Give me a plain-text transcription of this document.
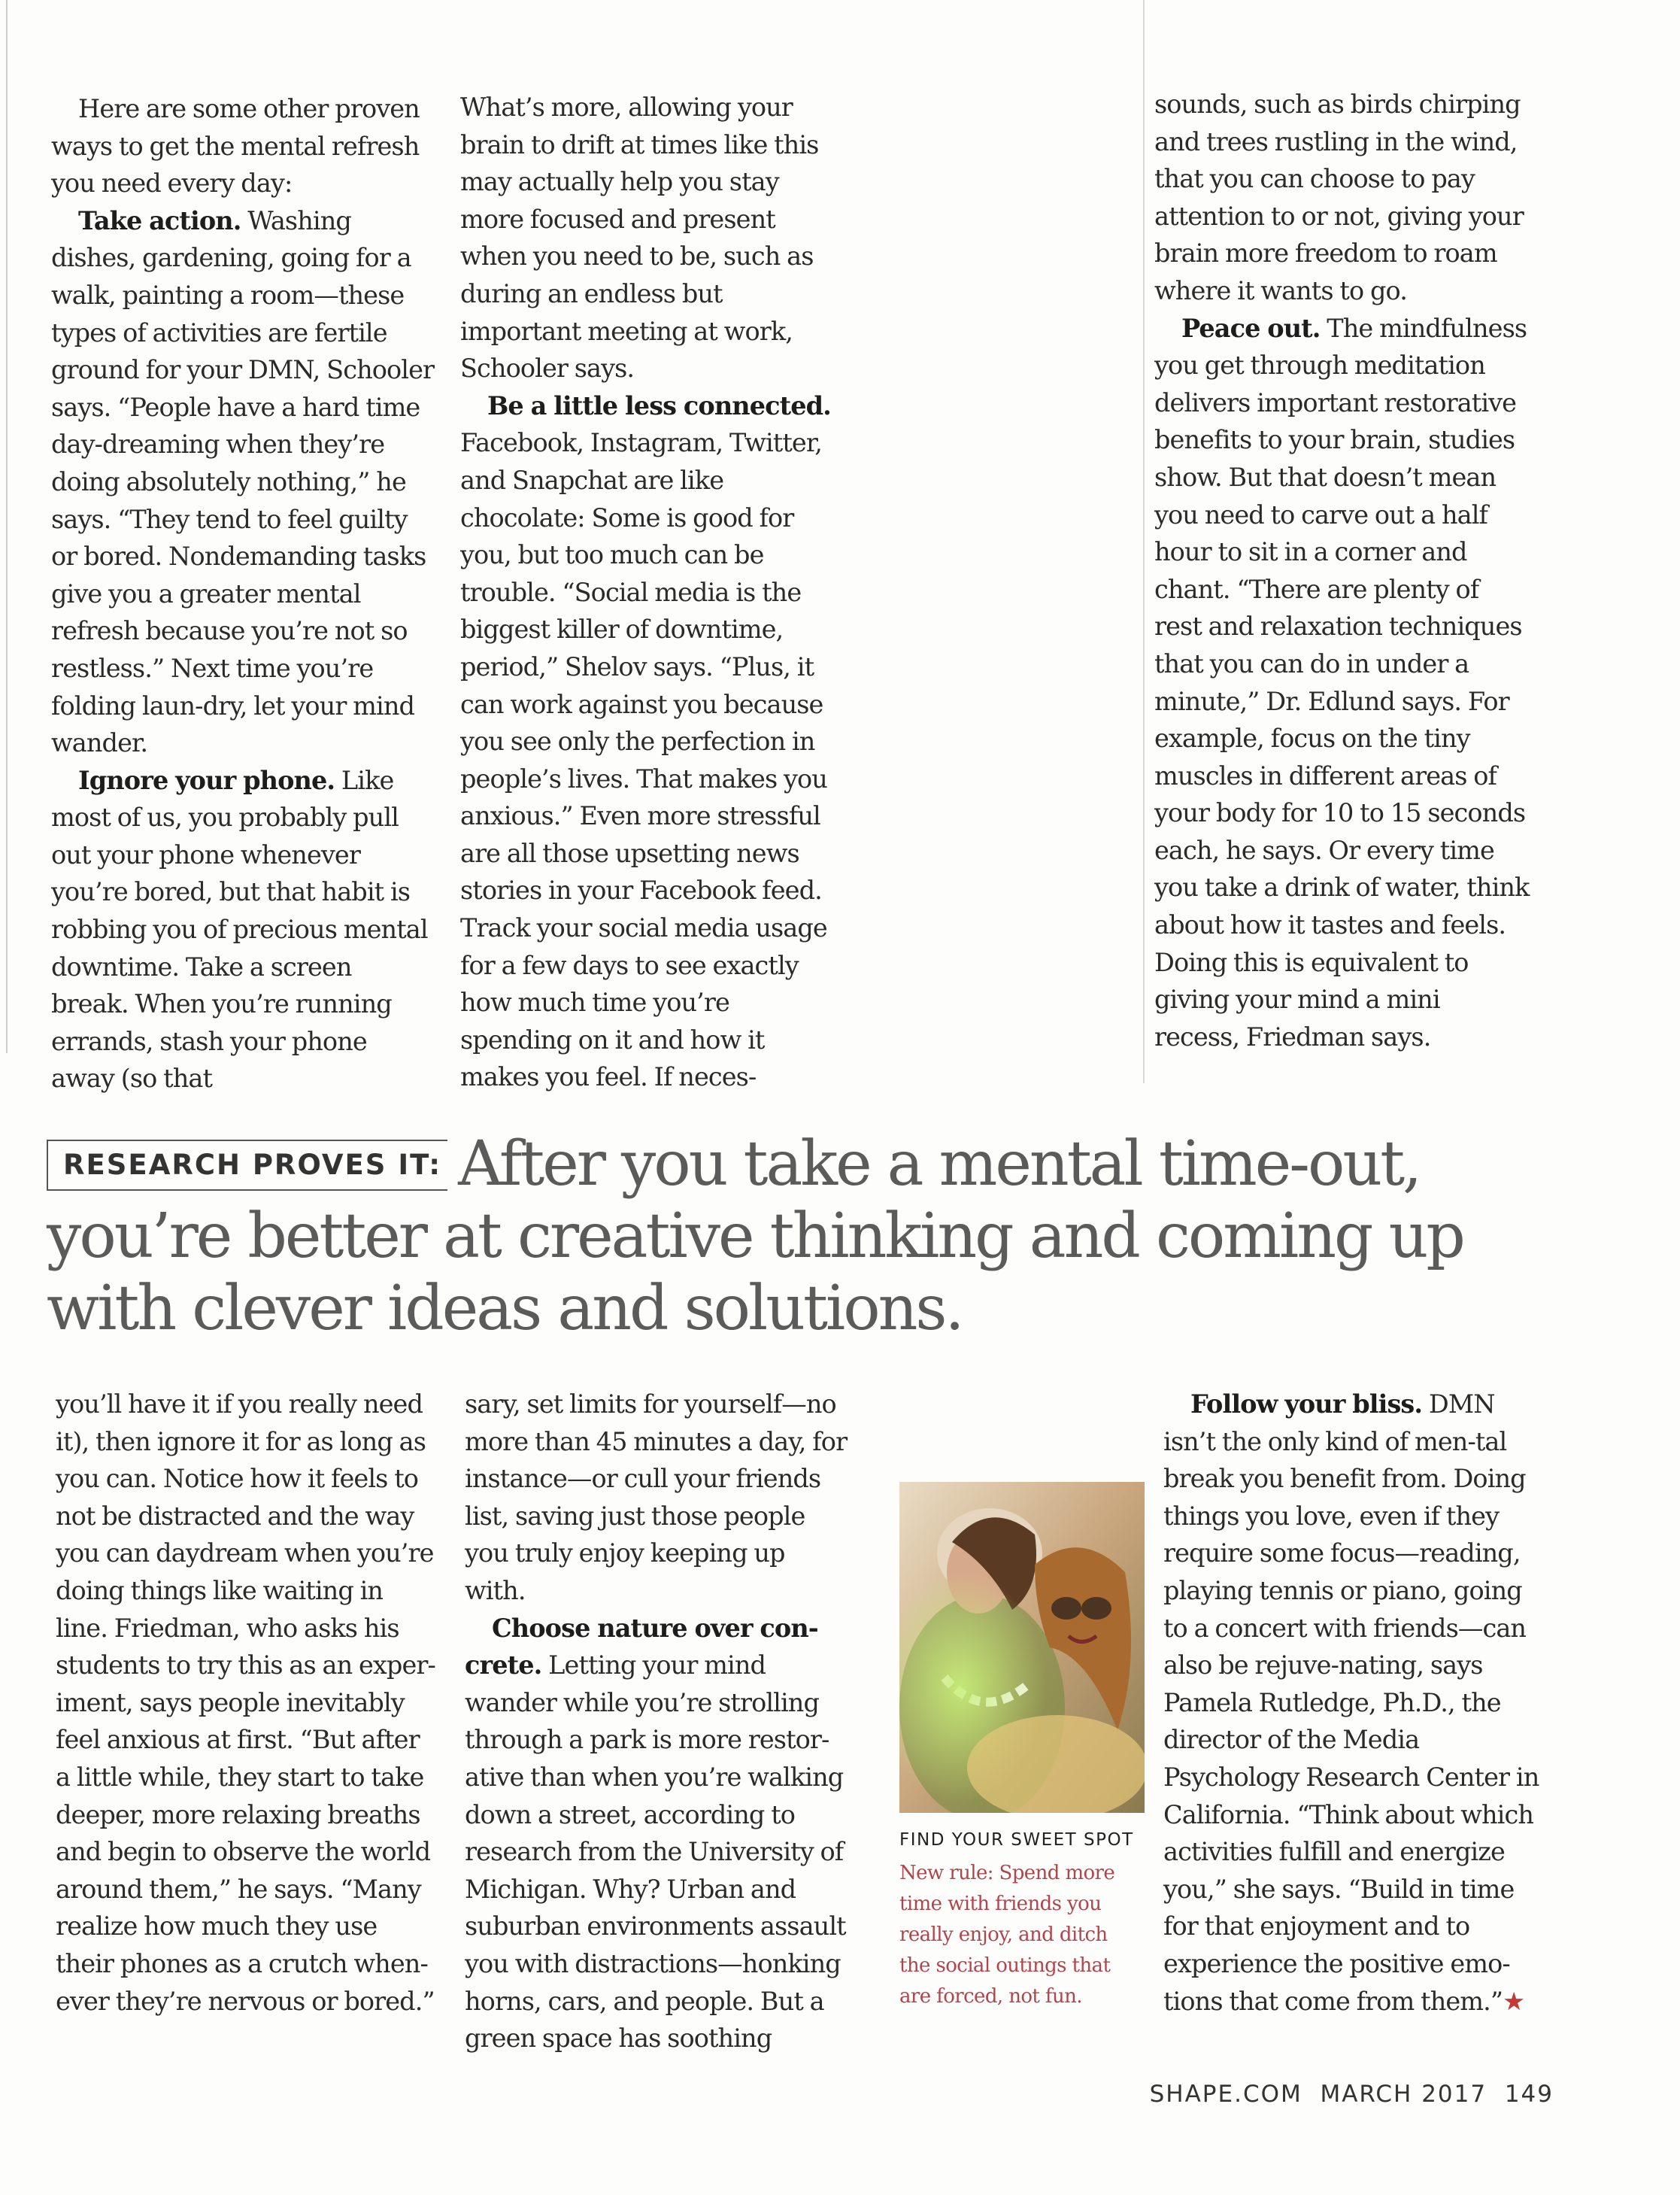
Here are some other proven ways to get the mental refresh you need every day:

Take action. Washing dishes, gardening, going for a walk, painting a room—these types of activities are fertile ground for your DMN, Schooler says. “People have a hard time day-dreaming when they’re doing absolutely nothing,” he says. “They tend to feel guilty or bored. Nondemanding tasks give you a greater mental refresh because you’re not so restless.” Next time you’re folding laun-dry, let your mind wander.

Ignore your phone. Like most of us, you probably pull out your phone whenever you’re bored, but that habit is robbing you of precious mental downtime. Take a screen break. When you’re running errands, stash your phone away (so that

What’s more, allowing your brain to drift at times like this may actually help you stay more focused and present when you need to be, such as during an endless but important meeting at work, Schooler says.

Be a little less connected. Facebook, Instagram, Twitter, and Snapchat are like chocolate: Some is good for you, but too much can be trouble. “Social media is the biggest killer of downtime, period,” Shelov says. “Plus, it can work against you because you see only the perfection in people’s lives. That makes you anxious.” Even more stressful are all those upsetting news stories in your Facebook feed. Track your social media usage for a few days to see exactly how much time you’re spending on it and how it makes you feel. If neces-

sounds, such as birds chirping and trees rustling in the wind, that you can choose to pay attention to or not, giving your brain more freedom to roam where it wants to go.

Peace out. The mindfulness you get through meditation delivers important restorative benefits to your brain, studies show. But that doesn’t mean you need to carve out a half hour to sit in a corner and chant. “There are plenty of rest and relaxation techniques that you can do in under a minute,” Dr. Edlund says. For example, focus on the tiny muscles in different areas of your body for 10 to 15 seconds each, he says. Or every time you take a drink of water, think about how it tastes and feels. Doing this is equivalent to giving your mind a mini recess, Friedman says.

RESEARCH PROVES IT: After you take a mental time-out, you’re better at creative thinking and coming up with clever ideas and solutions.

you’ll have it if you really need it), then ignore it for as long as you can. Notice how it feels to not be distracted and the way you can daydream when you’re doing things like waiting in line. Friedman, who asks his students to try this as an exper-iment, says people inevitably feel anxious at first. “But after a little while, they start to take deeper, more relaxing breaths and begin to observe the world around them,” he says. “Many realize how much they use their phones as a crutch when-ever they’re nervous or bored.”

sary, set limits for yourself—no more than 45 minutes a day, for instance—or cull your friends list, saving just those people you truly enjoy keeping up with.

Choose nature over con-crete. Letting your mind wander while you’re strolling through a park is more restor-ative than when you’re walking down a street, according to research from the University of Michigan. Why? Urban and suburban environments assault you with distractions—honking horns, cars, and people. But a green space has soothing

Follow your bliss. DMN isn’t the only kind of men-tal break you benefit from. Doing things you love, even if they require some focus—reading, playing tennis or piano, going to a concert with friends—can also be rejuve-nating, says Pamela Rutledge, Ph.D., the director of the Media Psychology Research Center in California. “Think about which activities fulfill and energize you,” she says. “Build in time for that enjoyment and to experience the positive emo-tions that come from them.”★

FIND YOUR SWEET SPOT
New rule: Spend more time with friends you really enjoy, and ditch the social outings that are forced, not fun.
SHAPE.COM MARCH 2017 149
